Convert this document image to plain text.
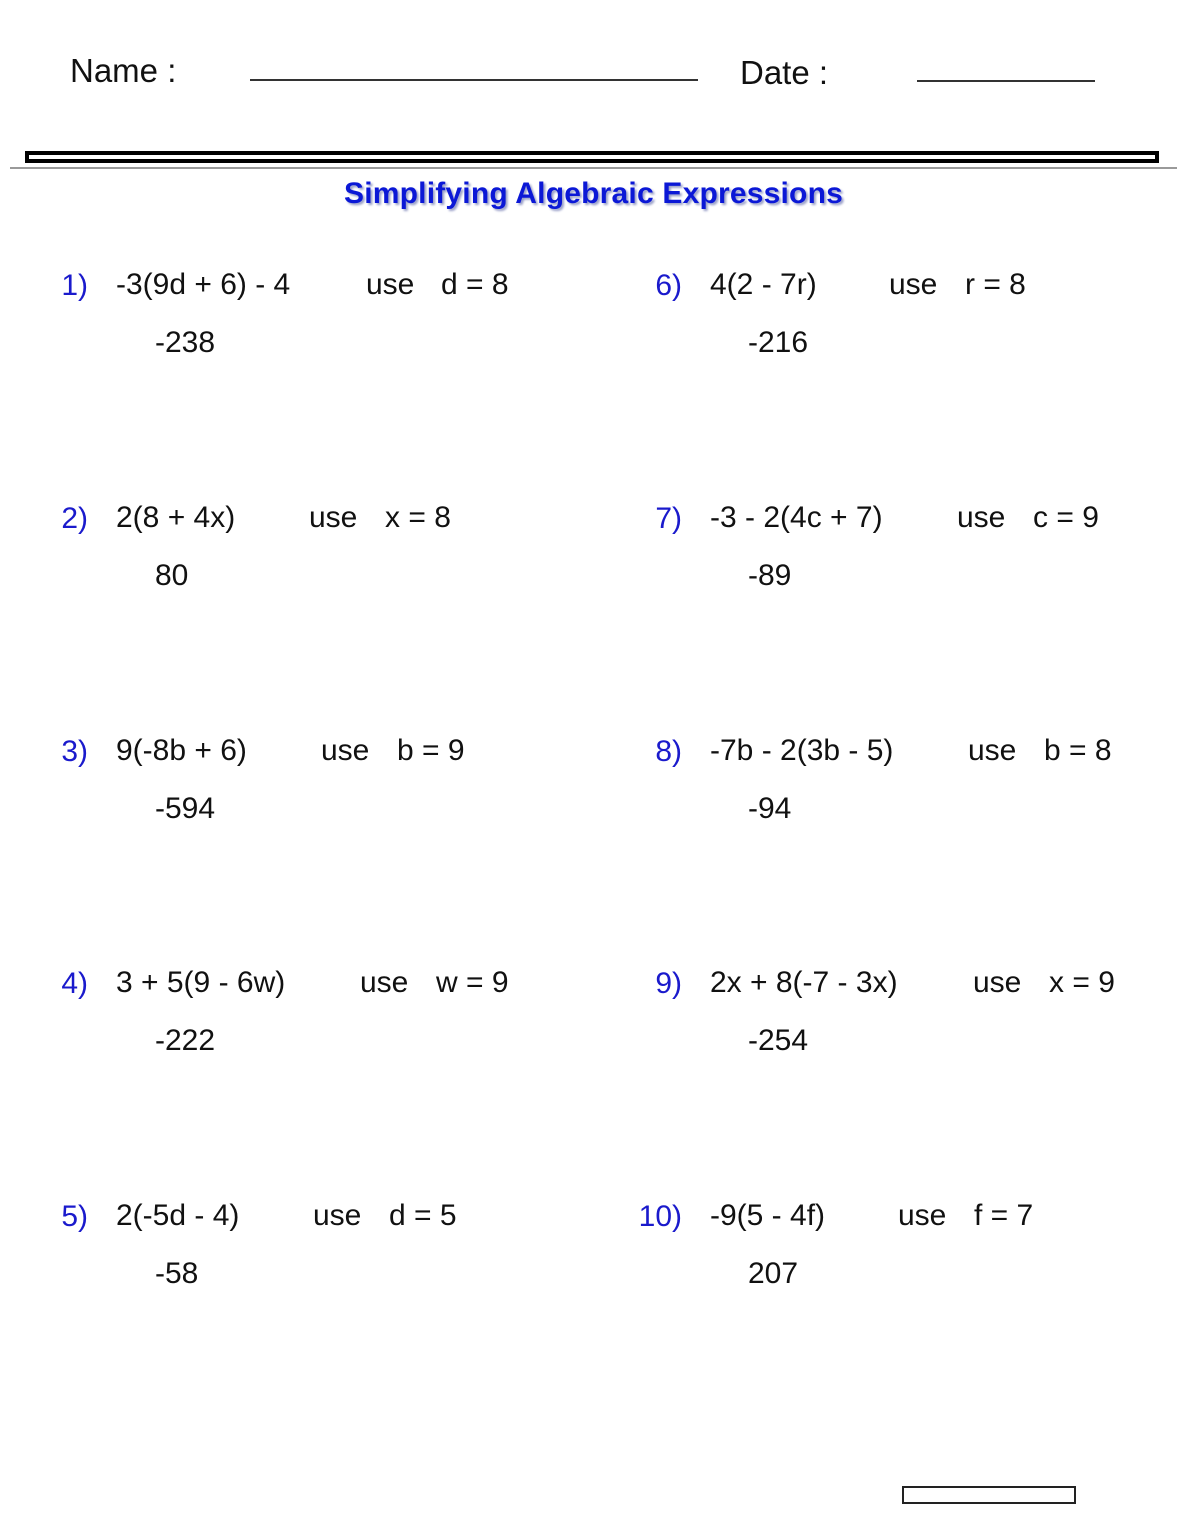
Name :	Date :
Simplifying Algebraic Expressions
1) -3(9d + 6) - 4	use d = 8
-238
2) 2(8 + 4x) use x = 8
80
3) 9(-8b + 6) use b = 9
-594
4) 3 + 5(9 - 6w) use w = 9
-222
5) 2(-5d - 4) use d = 5
-58
6) 4(2 - 7r) use r = 8
-216
7) -3 - 2(4c + 7) use c = 9
-89
8) -7b - 2(3b - 5) use b = 8
-94
9) 2x + 8(-7 - 3x)	use x = 9
-254
10) -9(5 - 4f) use f = 7
207
